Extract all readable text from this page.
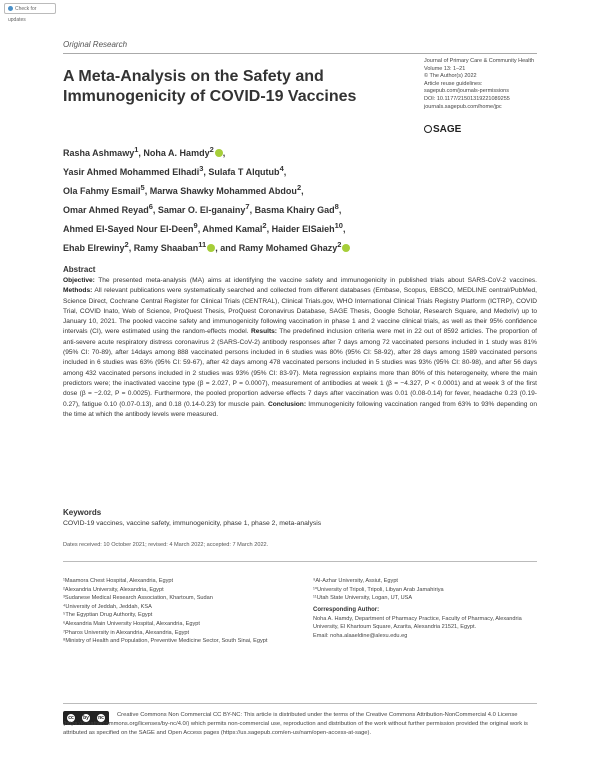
Check for updates
Original Research
A Meta-Analysis on the Safety and Immunogenicity of COVID-19 Vaccines
Journal of Primary Care & Community Health
Volume 13: 1–21
© The Author(s) 2022
Article reuse guidelines:
sagepub.com/journals-permissions
DOI: 10.1177/21501319221089255
journals.sagepub.com/home/jpc
SAGE
Rasha Ashmawy$^1$, Noha A. Hamdy$^2$ ,
Yasir Ahmed Mohammed Elhadi$^3$, Sulafa T Alqutub$^4$,
Ola Fahmy Esmail$^5$, Marwa Shawky Mohammed Abdou$^2$,
Omar Ahmed Reyad$^6$, Samar O. El-ganainy$^7$, Basma Khairy Gad$^8$,
Ahmed El-Sayed Nour El-Deen$^9$, Ahmed Kamal$^2$, Haider ElSaieh$^{10}$,
Ehab Elrewiny$^2$, Ramy Shaaban$^{11}$ , and Ramy Mohamed Ghazy$^2$
Abstract
Objective: The presented meta-analysis (MA) aims at identifying the vaccine safety and immunogenicity in published trials about SARS-CoV-2 vaccines. Methods: All relevant publications were systematically searched and collected from different databases (Embase, Scopus, EBSCO, MEDLINE central/PubMed, Science Direct, Cochrane Central Register for Clinical Trials (CENTRAL), Clinical Trials.gov, WHO International Clinical Trials Registry Platform (ICTRP), COVID Trial, COVID Inato, Web of Science, ProQuest Thesis, ProQuest Coronavirus Database, SAGE Thesis, Google Scholar, Research Square, and Medxriv) up to January 10, 2021. The pooled vaccine safety and immunogenicity following vaccination in phase 1 and 2 vaccine clinical trials, as well as their 95% confidence intervals (CI), were estimated using the random-effects model. Results: The predefined inclusion criteria were met in 22 out of 8592 articles. The proportion of anti-severe acute respiratory distress coronavirus 2 (SARS-CoV-2) antibody responses after 7 days among 72 vaccinated persons included in 1 study was 81% (95% CI: 70-89), after 14days among 888 vaccinated persons included in 6 studies was 80% (95% CI: 58-92), after 28 days among 1589 vaccinated persons included in 6 studies was 63% (95% CI: 59-67), after 42 days among 478 vaccinated persons included in 5 studies was 93% (95% CI: 80-98), and after 56 days among 432 vaccinated persons included in 2 studies was 93% (95% CI: 83-97). Meta regression explains more than 80% of this heterogeneity, where the main predictors were; the inactivated vaccine type (β = 2.027, P = 0.0007), measurement of antibodies at week 1 (β = −4.327, P < 0.0001) and at week 3 of the first dose (β = −2.02, P = 0.0025). Furthermore, the pooled proportion adverse effects 7 days after vaccination was 0.01 (0.08-0.14) for fever, headache 0.23 (0.19-0.27), fatigue 0.10 (0.07-0.13), and 0.18 (0.14-0.23) for muscle pain. Conclusion: Immunogenicity following vaccination ranged from 63% to 93% depending on the time at which the antibody levels were measured.
Keywords
COVID-19 vaccines, vaccine safety, immunogenicity, phase 1, phase 2, meta-analysis
Dates received: 10 October 2021; revised: 4 March 2022; accepted: 7 March 2022.
¹Maamora Chest Hospital, Alexandria, Egypt
²Alexandria University, Alexandria, Egypt
³Sudanese Medical Research Association, Khartoum, Sudan
⁴University of Jeddah, Jeddah, KSA
⁵The Egyptian Drug Authority, Egypt
⁶Alexandria Main University Hospital, Alexandria, Egypt
⁷Pharos University in Alexandria, Alexandria, Egypt
⁸Ministry of Health and Population, Preventive Medicine Sector, South Sinai, Egypt
⁹Al-Azhar University, Assiut, Egypt
¹⁰University of Tripoli, Tripoli, Libyan Arab Jamahiriya
¹¹Utah State University, Logan, UT, USA
Corresponding Author:
Noha A. Hamdy, Department of Pharmacy Practice, Faculty of Pharmacy, Alexandria University, El Khartoum Square, Azarita, Alexandria 21521, Egypt.
Email: noha.alaaeldine@alexu.edu.eg
cc	by	nc	Creative Commons Non Commercial CC BY-NC: This article is distributed under the terms of the Creative Commons Attribution-NonCommercial 4.0 License (https://creativecommons.org/licenses/by-nc/4.0/) which permits non-commercial use, reproduction and distribution of the work without further permission provided the original work is attributed as specified on the SAGE and Open Access pages (https://us.sagepub.com/en-us/nam/open-access-at-sage).
